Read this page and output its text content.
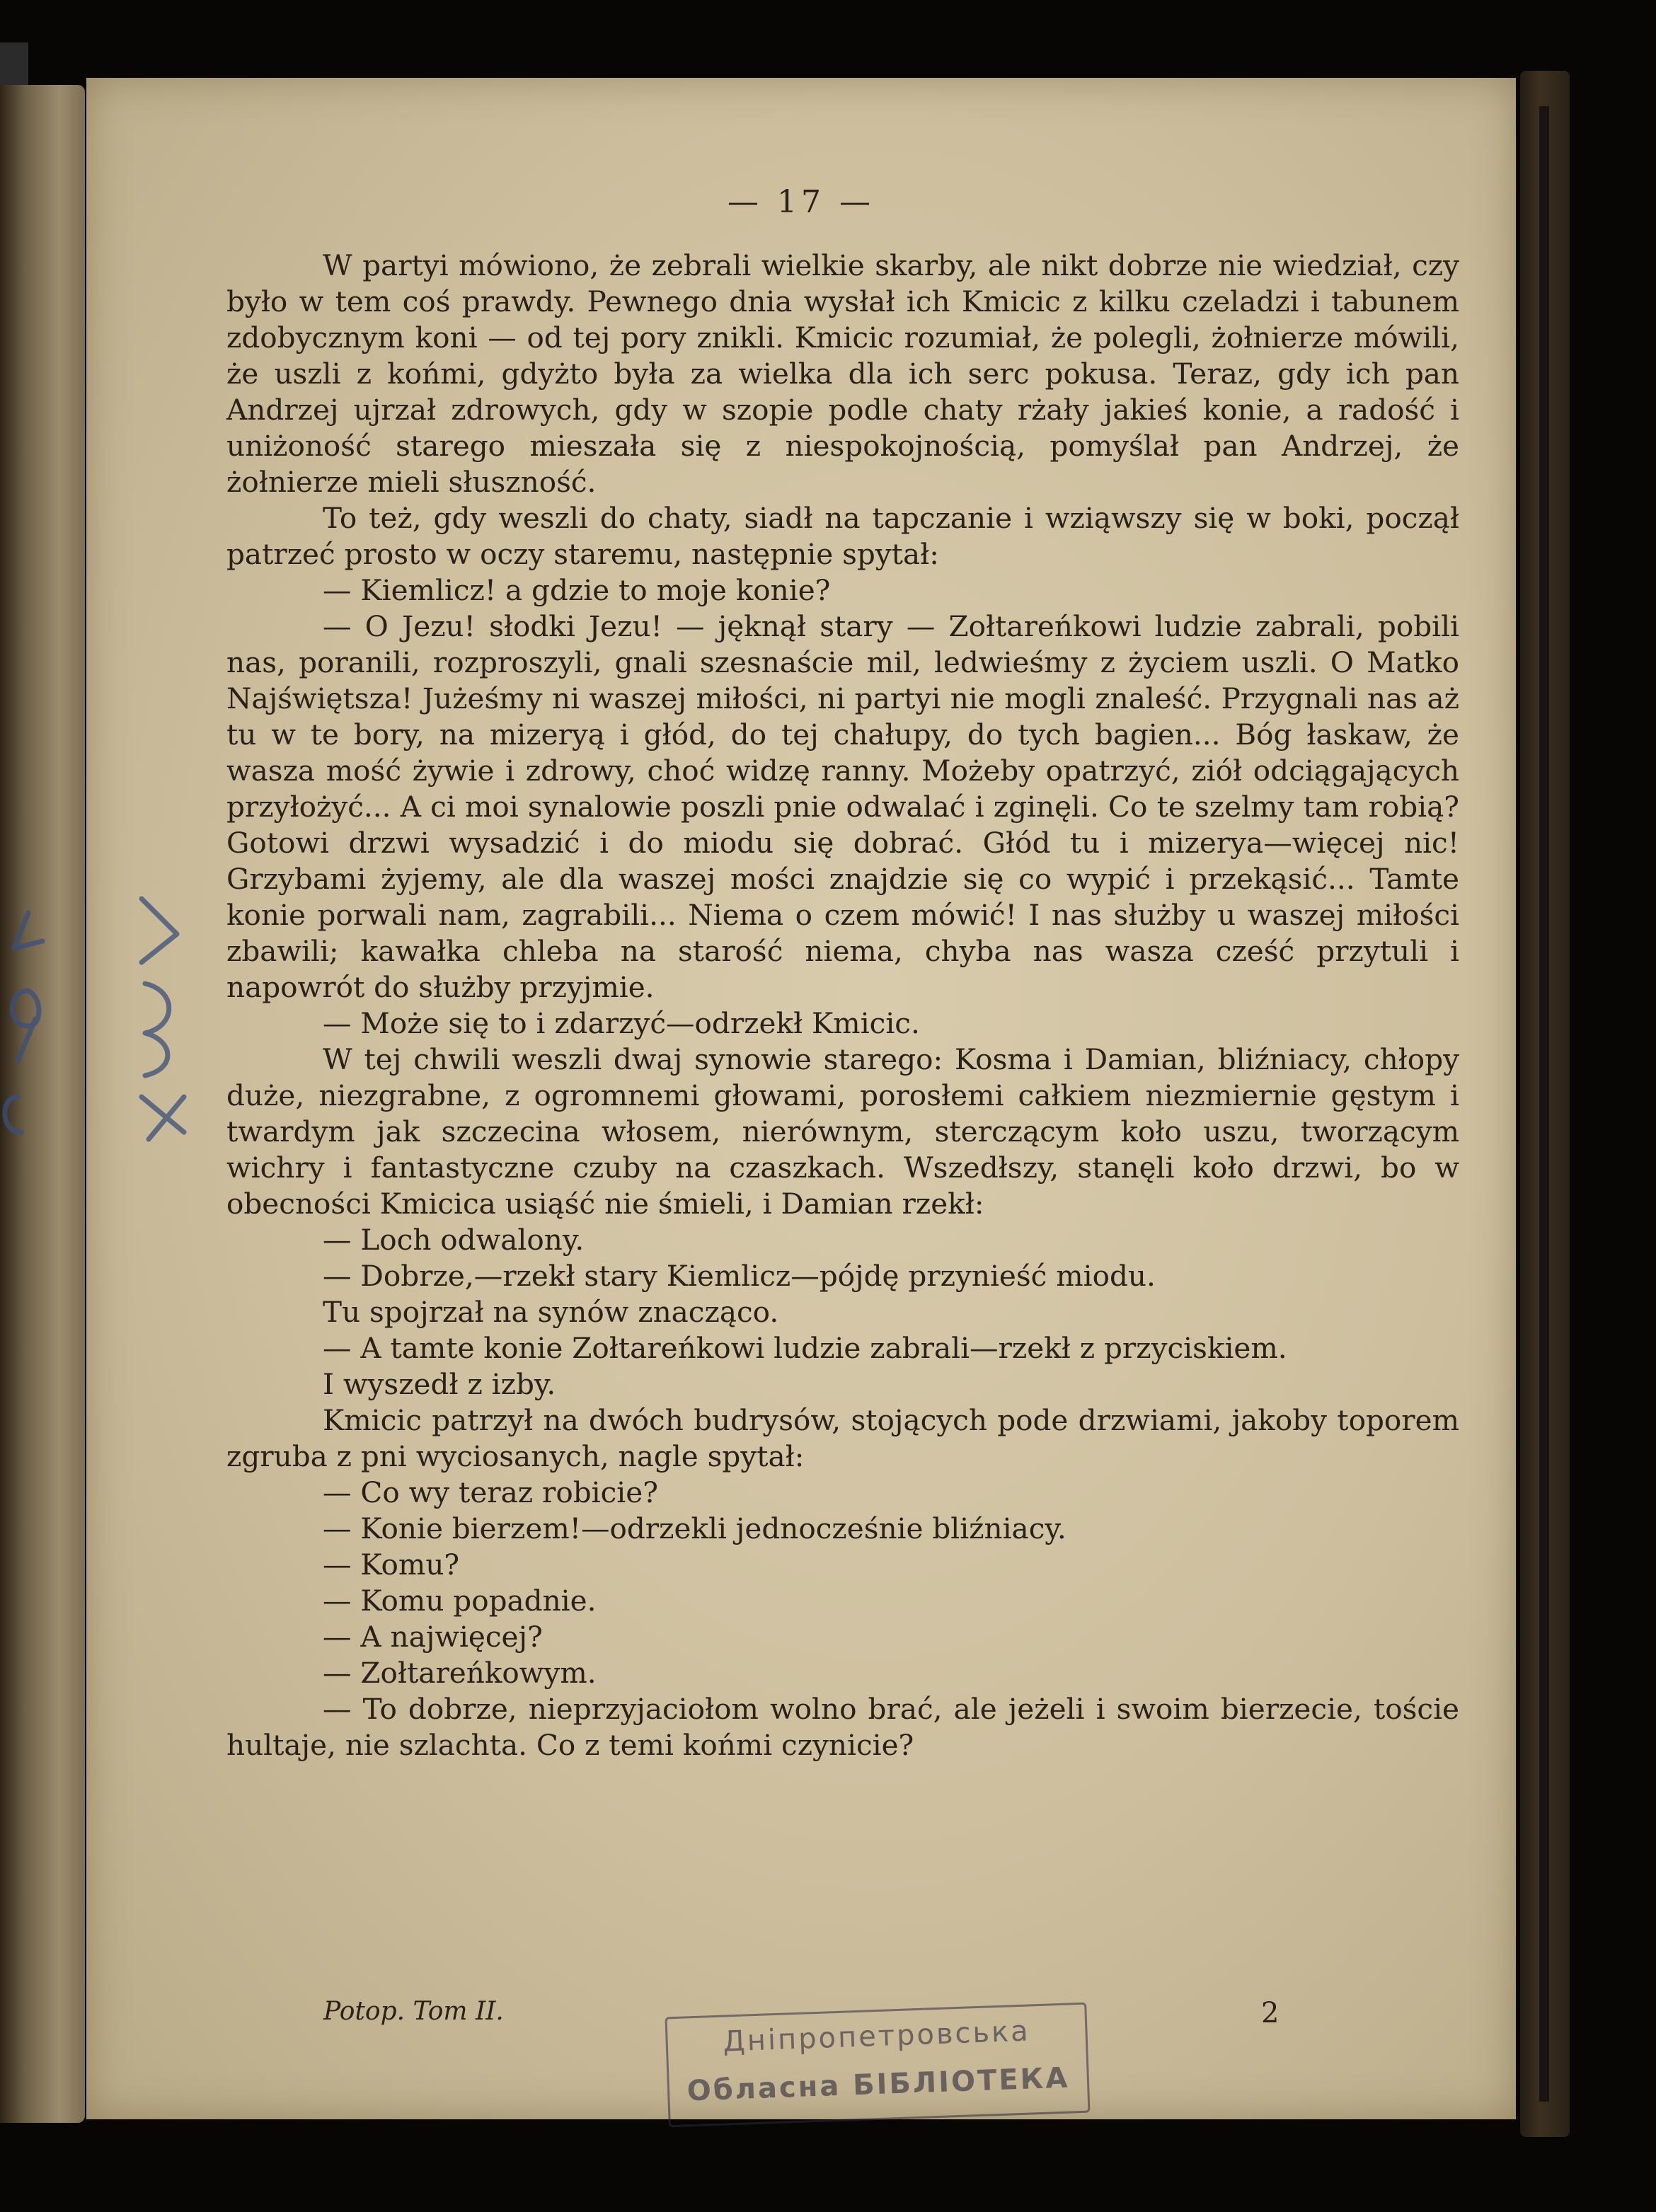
— 17 —

W partyi mówiono, że zebrali wielkie skarby, ale nikt dobrze nie wiedział, czy było w tem coś prawdy. Pewnego dnia wysłał ich Kmicic z kilku czeladzi i tabunem zdobycznym koni — od tej pory znikli. Kmicic rozumiał, że polegli, żołnierze mówili, że uszli z końmi, gdyżto była za wielka dla ich serc pokusa. Teraz, gdy ich pan Andrzej ujrzał zdrowych, gdy w szopie podle chaty rżały jakieś konie, a radość i uniżoność starego mieszała się z niespokojnością, pomyślał pan Andrzej, że żołnierze mieli słuszność.

To też, gdy weszli do chaty, siadł na tapczanie i wziąwszy się w boki, począł patrzeć prosto w oczy staremu, następnie spytał:

— Kiemlicz! a gdzie to moje konie?

— O Jezu! słodki Jezu! — jęknął stary — Zołtareńkowi ludzie zabrali, pobili nas, poranili, rozproszyli, gnali szesnaście mil, ledwieśmy z życiem uszli. O Matko Najświętsza! Jużeśmy ni waszej miłości, ni partyi nie mogli znaleść. Przygnali nas aż tu w te bory, na mizeryą i głód, do tej chałupy, do tych bagien... Bóg łaskaw, że wasza mość żywie i zdrowy, choć widzę ranny. Możeby opatrzyć, ziół odciągających przyłożyć... A ci moi synalowie poszli pnie odwalać i zginęli. Co te szelmy tam robią? Gotowi drzwi wysadzić i do miodu się dobrać. Głód tu i mizerya—więcej nic! Grzybami żyjemy, ale dla waszej mości znajdzie się co wypić i przekąsić... Tamte konie porwali nam, zagrabili... Niema o czem mówić! I nas służby u waszej miłości zbawili; kawałka chleba na starość niema, chyba nas wasza cześć przytuli i napowrót do służby przyjmie.

— Może się to i zdarzyć—odrzekł Kmicic.

W tej chwili weszli dwaj synowie starego: Kosma i Damian, bliźniacy, chłopy duże, niezgrabne, z ogromnemi głowami, porosłemi całkiem niezmiernie gęstym i twardym jak szczecina włosem, nierównym, sterczącym koło uszu, tworzącym wichry i fantastyczne czuby na czaszkach. Wszedłszy, stanęli koło drzwi, bo w obecności Kmicica usiąść nie śmieli, i Damian rzekł:

— Loch odwalony.

— Dobrze,—rzekł stary Kiemlicz—pójdę przynieść miodu.

Tu spojrzał na synów znacząco.

— A tamte konie Zołtareńkowi ludzie zabrali—rzekł z przyciskiem.

I wyszedł z izby.

Kmicic patrzył na dwóch budrysów, stojących pode drzwiami, jakoby toporem zgruba z pni wyciosanych, nagle spytał:

— Co wy teraz robicie?

— Konie bierzem!—odrzekli jednocześnie bliźniacy.

— Komu?

— Komu popadnie.

— A najwięcej?

— Zołtareńkowym.

— To dobrze, nieprzyjaciołom wolno brać, ale jeżeli i swoim bierzecie, toście hultaje, nie szlachta. Co z temi końmi czynicie?

Potop. Tom II.	2
Дніпропетровська
Обласна БІБЛІОТЕКА
